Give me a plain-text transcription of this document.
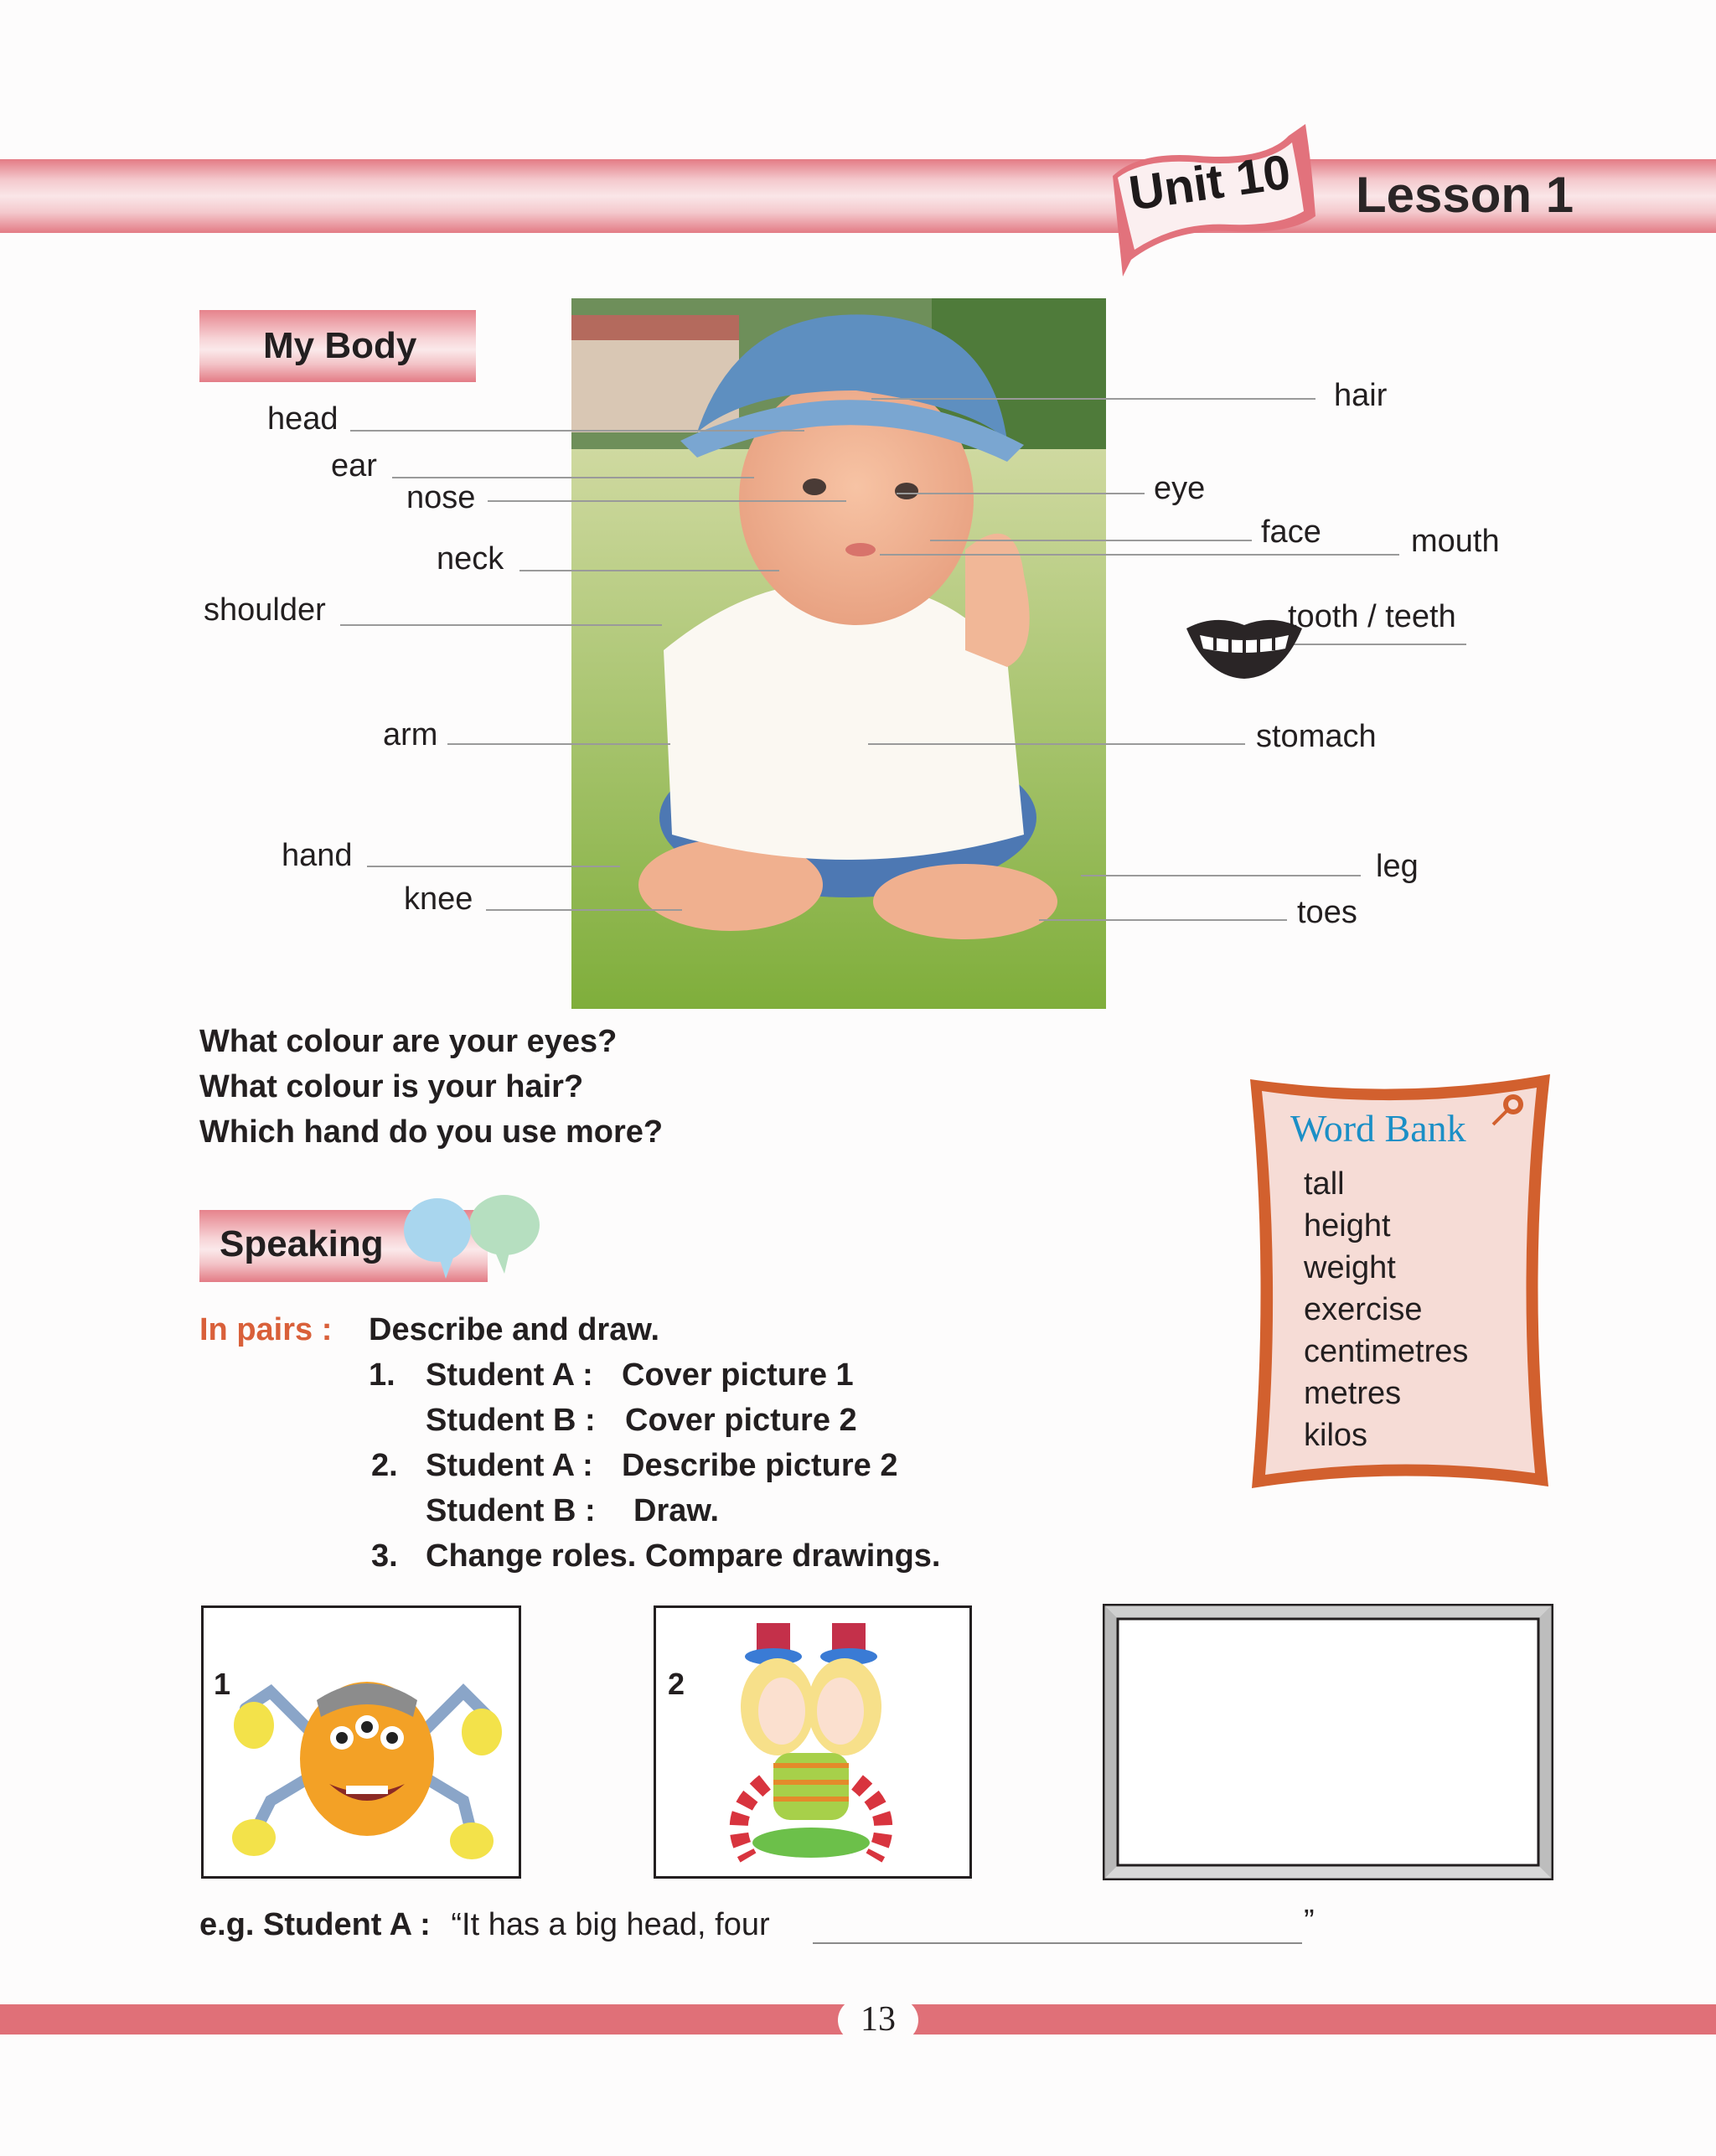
Unit 10 Lesson 1
My Body
head
ear
nose
neck
shoulder
arm
hand
knee
hair
eye
face	mouth
tooth / teeth
stomach
leg
toes
What colour are your eyes?
What colour is your hair?
Which hand do you use more?
Speaking
In pairs : Describe and draw.
1. Student A : Cover picture 1
Student B : Cover picture 2
2. Student A : Describe picture 2
Student B : Draw.
3. Change roles. Compare drawings.
Word Bank
tall
height
weight
exercise
centimetres
metres
kilos
1	2
e.g. Student A : “It has a big head, four	”
13
